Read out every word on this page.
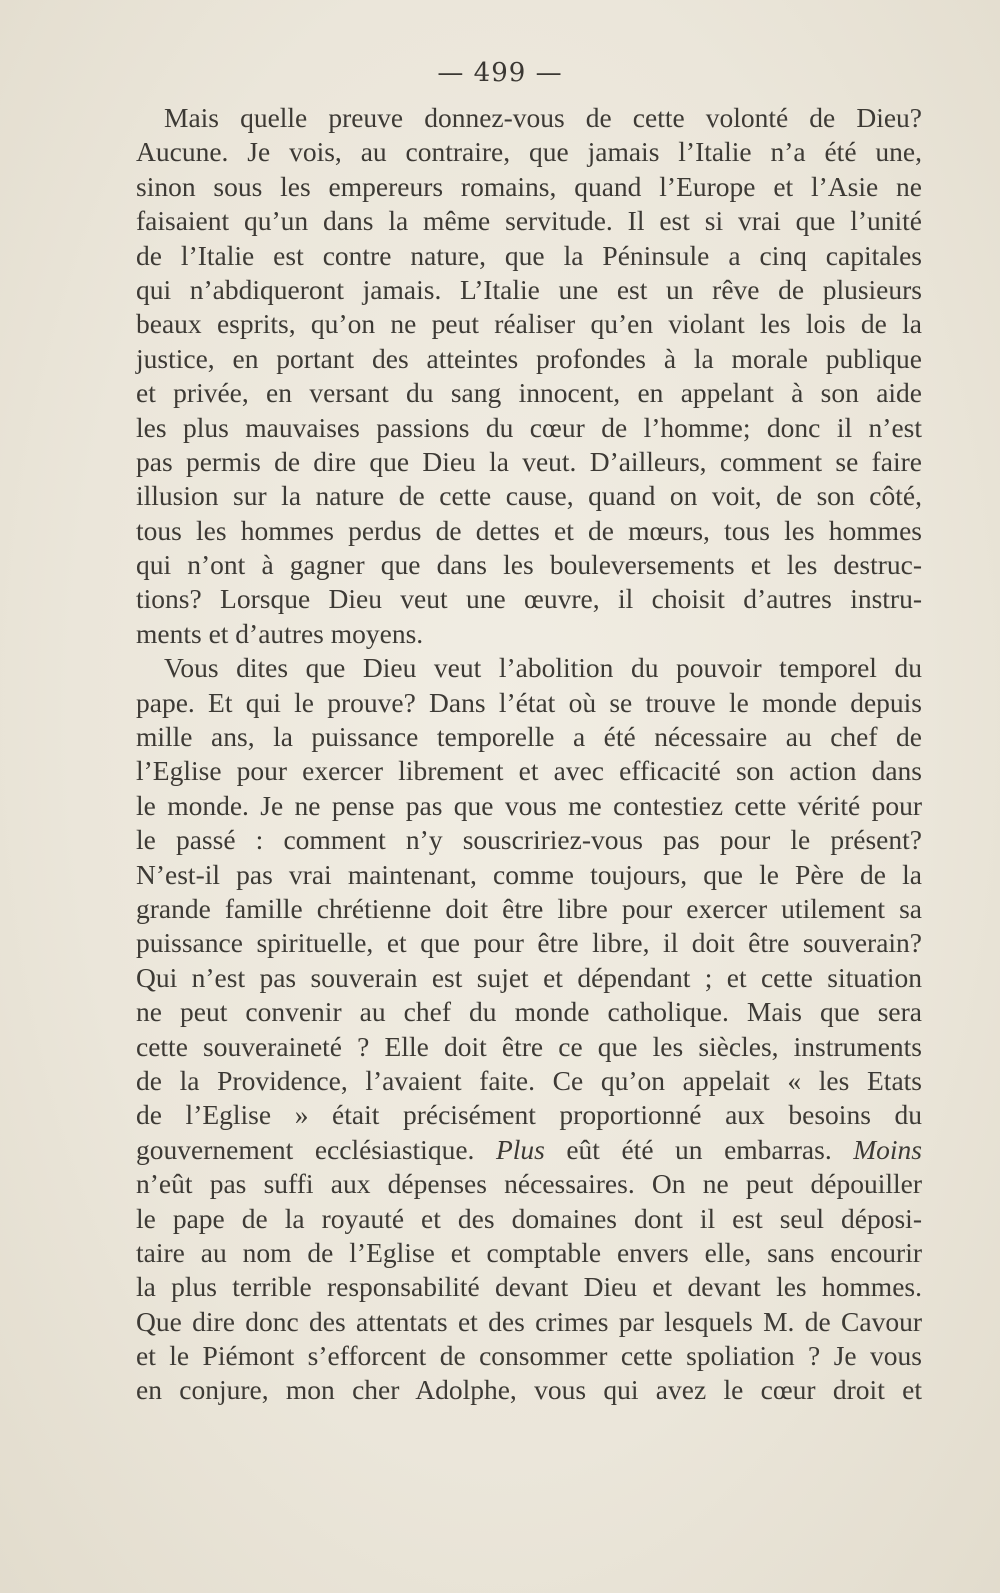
— 499 —
Mais quelle preuve donnez-vous de cette volonté de Dieu?
Aucune. Je vois, au contraire, que jamais l’Italie n’a été une,
sinon sous les empereurs romains, quand l’Europe et l’Asie ne
faisaient qu’un dans la même servitude. Il est si vrai que l’unité
de l’Italie est contre nature, que la Péninsule a cinq capitales
qui n’abdiqueront jamais. L’Italie une est un rêve de plusieurs
beaux esprits, qu’on ne peut réaliser qu’en violant les lois de la
justice, en portant des atteintes profondes à la morale publique
et privée, en versant du sang innocent, en appelant à son aide
les plus mauvaises passions du cœur de l’homme; donc il n’est
pas permis de dire que Dieu la veut. D’ailleurs, comment se faire
illusion sur la nature de cette cause, quand on voit, de son côté,
tous les hommes perdus de dettes et de mœurs, tous les hommes
qui n’ont à gagner que dans les bouleversements et les destruc-
tions? Lorsque Dieu veut une œuvre, il choisit d’autres instru-
ments et d’autres moyens.
Vous dites que Dieu veut l’abolition du pouvoir temporel du
pape. Et qui le prouve? Dans l’état où se trouve le monde depuis
mille ans, la puissance temporelle a été nécessaire au chef de
l’Eglise pour exercer librement et avec efficacité son action dans
le monde. Je ne pense pas que vous me contestiez cette vérité pour
le passé : comment n’y souscririez-vous pas pour le présent?
N’est-il pas vrai maintenant, comme toujours, que le Père de la
grande famille chrétienne doit être libre pour exercer utilement sa
puissance spirituelle, et que pour être libre, il doit être souverain?
Qui n’est pas souverain est sujet et dépendant ; et cette situation
ne peut convenir au chef du monde catholique. Mais que sera
cette souveraineté ? Elle doit être ce que les siècles, instruments
de la Providence, l’avaient faite. Ce qu’on appelait « les Etats
de l’Eglise » était précisément proportionné aux besoins du
gouvernement ecclésiastique. Plus eût été un embarras. Moins
n’eût pas suffi aux dépenses nécessaires. On ne peut dépouiller
le pape de la royauté et des domaines dont il est seul déposi-
taire au nom de l’Eglise et comptable envers elle, sans encourir
la plus terrible responsabilité devant Dieu et devant les hommes.
Que dire donc des attentats et des crimes par lesquels M. de Cavour
et le Piémont s’efforcent de consommer cette spoliation ? Je vous
en conjure, mon cher Adolphe, vous qui avez le cœur droit et
